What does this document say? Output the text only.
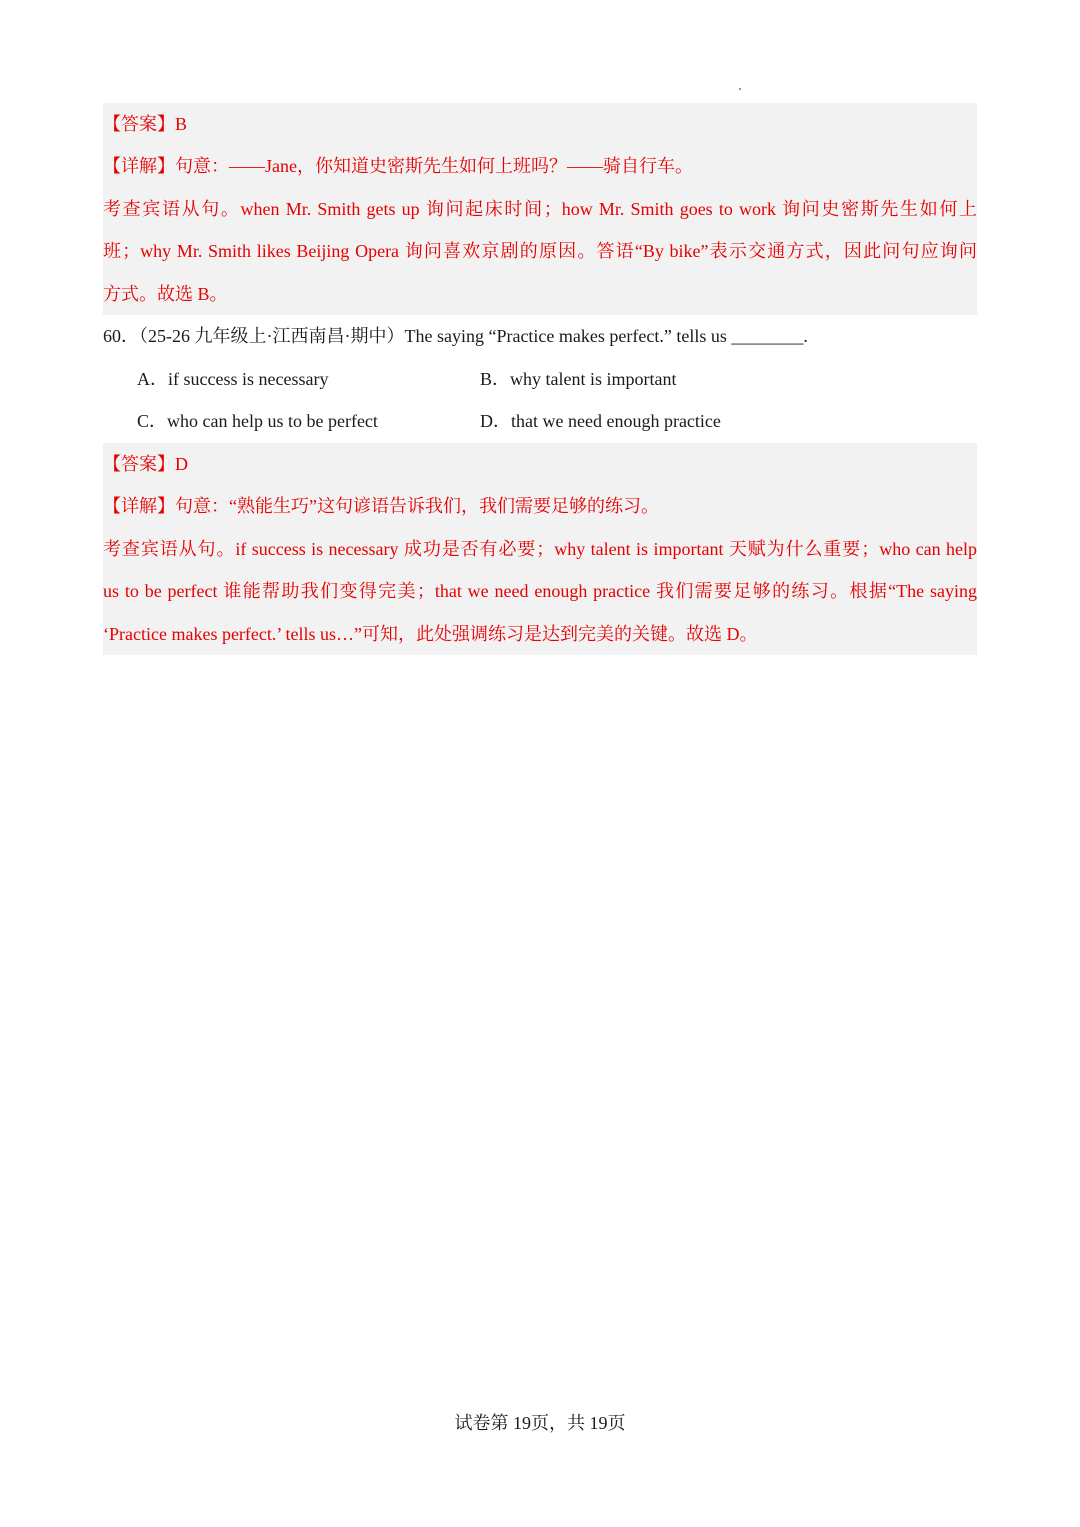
【答案】B
【详解】句意：——Jane，你知道史密斯先生如何上班吗？——骑自行车。
考查宾语从句。when Mr. Smith gets up 询问起床时间；how Mr. Smith goes to work 询问史密斯先生如何上
班；why Mr. Smith likes Beijing Opera 询问喜欢京剧的原因。答语“By bike”表示交通方式，因此问句应询问
方式。故选 B。
60．（25-26 九年级上·江西南昌·期中）The saying “Practice makes perfect.” tells us ________.
A．if success is necessary	B．why talent is important
C．who can help us to be perfect	D．that we need enough practice
【答案】D
【详解】句意：“熟能生巧”这句谚语告诉我们，我们需要足够的练习。
考查宾语从句。if success is necessary 成功是否有必要；why talent is important 天赋为什么重要；who can help
us to be perfect 谁能帮助我们变得完美；that we need enough practice 我们需要足够的练习。根据“The saying
‘Practice makes perfect.’ tells us…”可知，此处强调练习是达到完美的关键。故选 D。
试卷第 19页，共 19页
